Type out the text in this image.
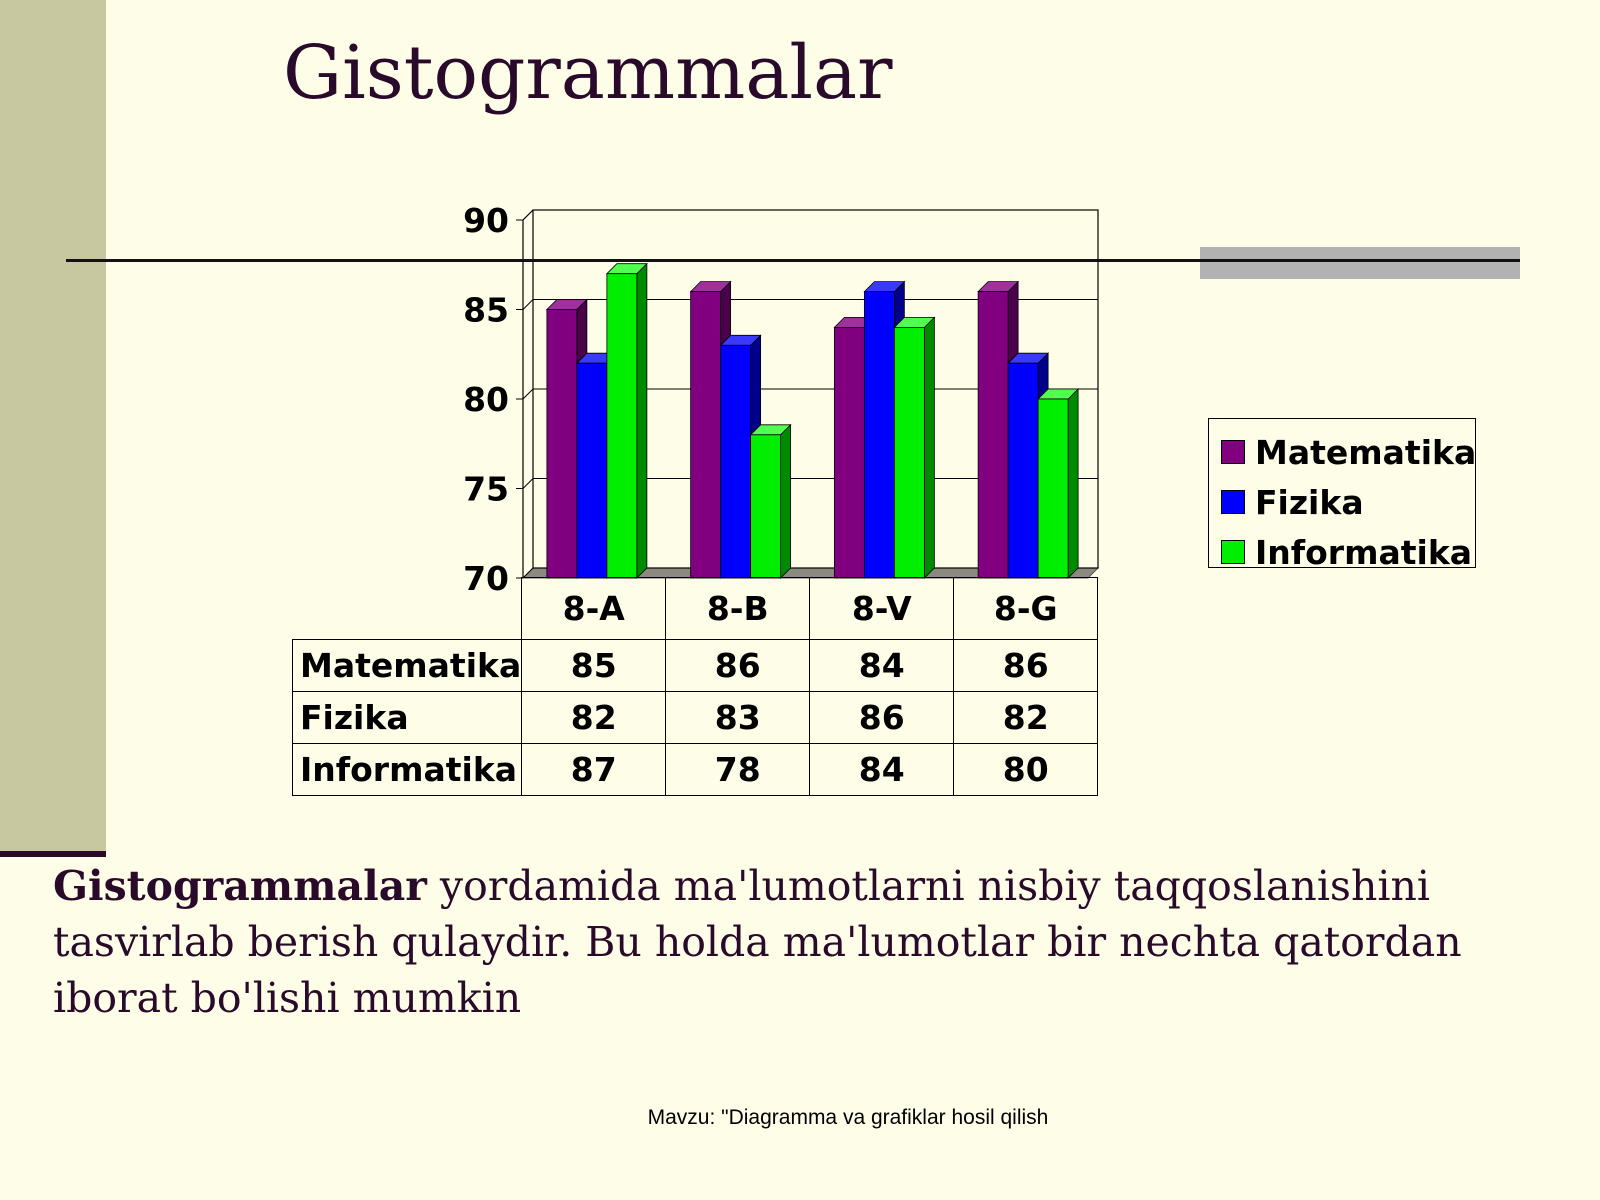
Gistogrammalar
70
75
80
85
90
Matematika
Fizika
Informatika
	8-A	8-B	8-V	8-G
Matematika	85	86	84	86
Fizika	82	83	86	82
Informatika	87	78	84	80

Gistogrammalar yordamida ma'lumotlarni nisbiy taqqoslanishini tasvirlab berish qulaydir. Bu holda ma'lumotlar bir nechta qatordan iborat bo'lishi mumkin

Mavzu: "Diagramma va grafiklar hosil qilish
